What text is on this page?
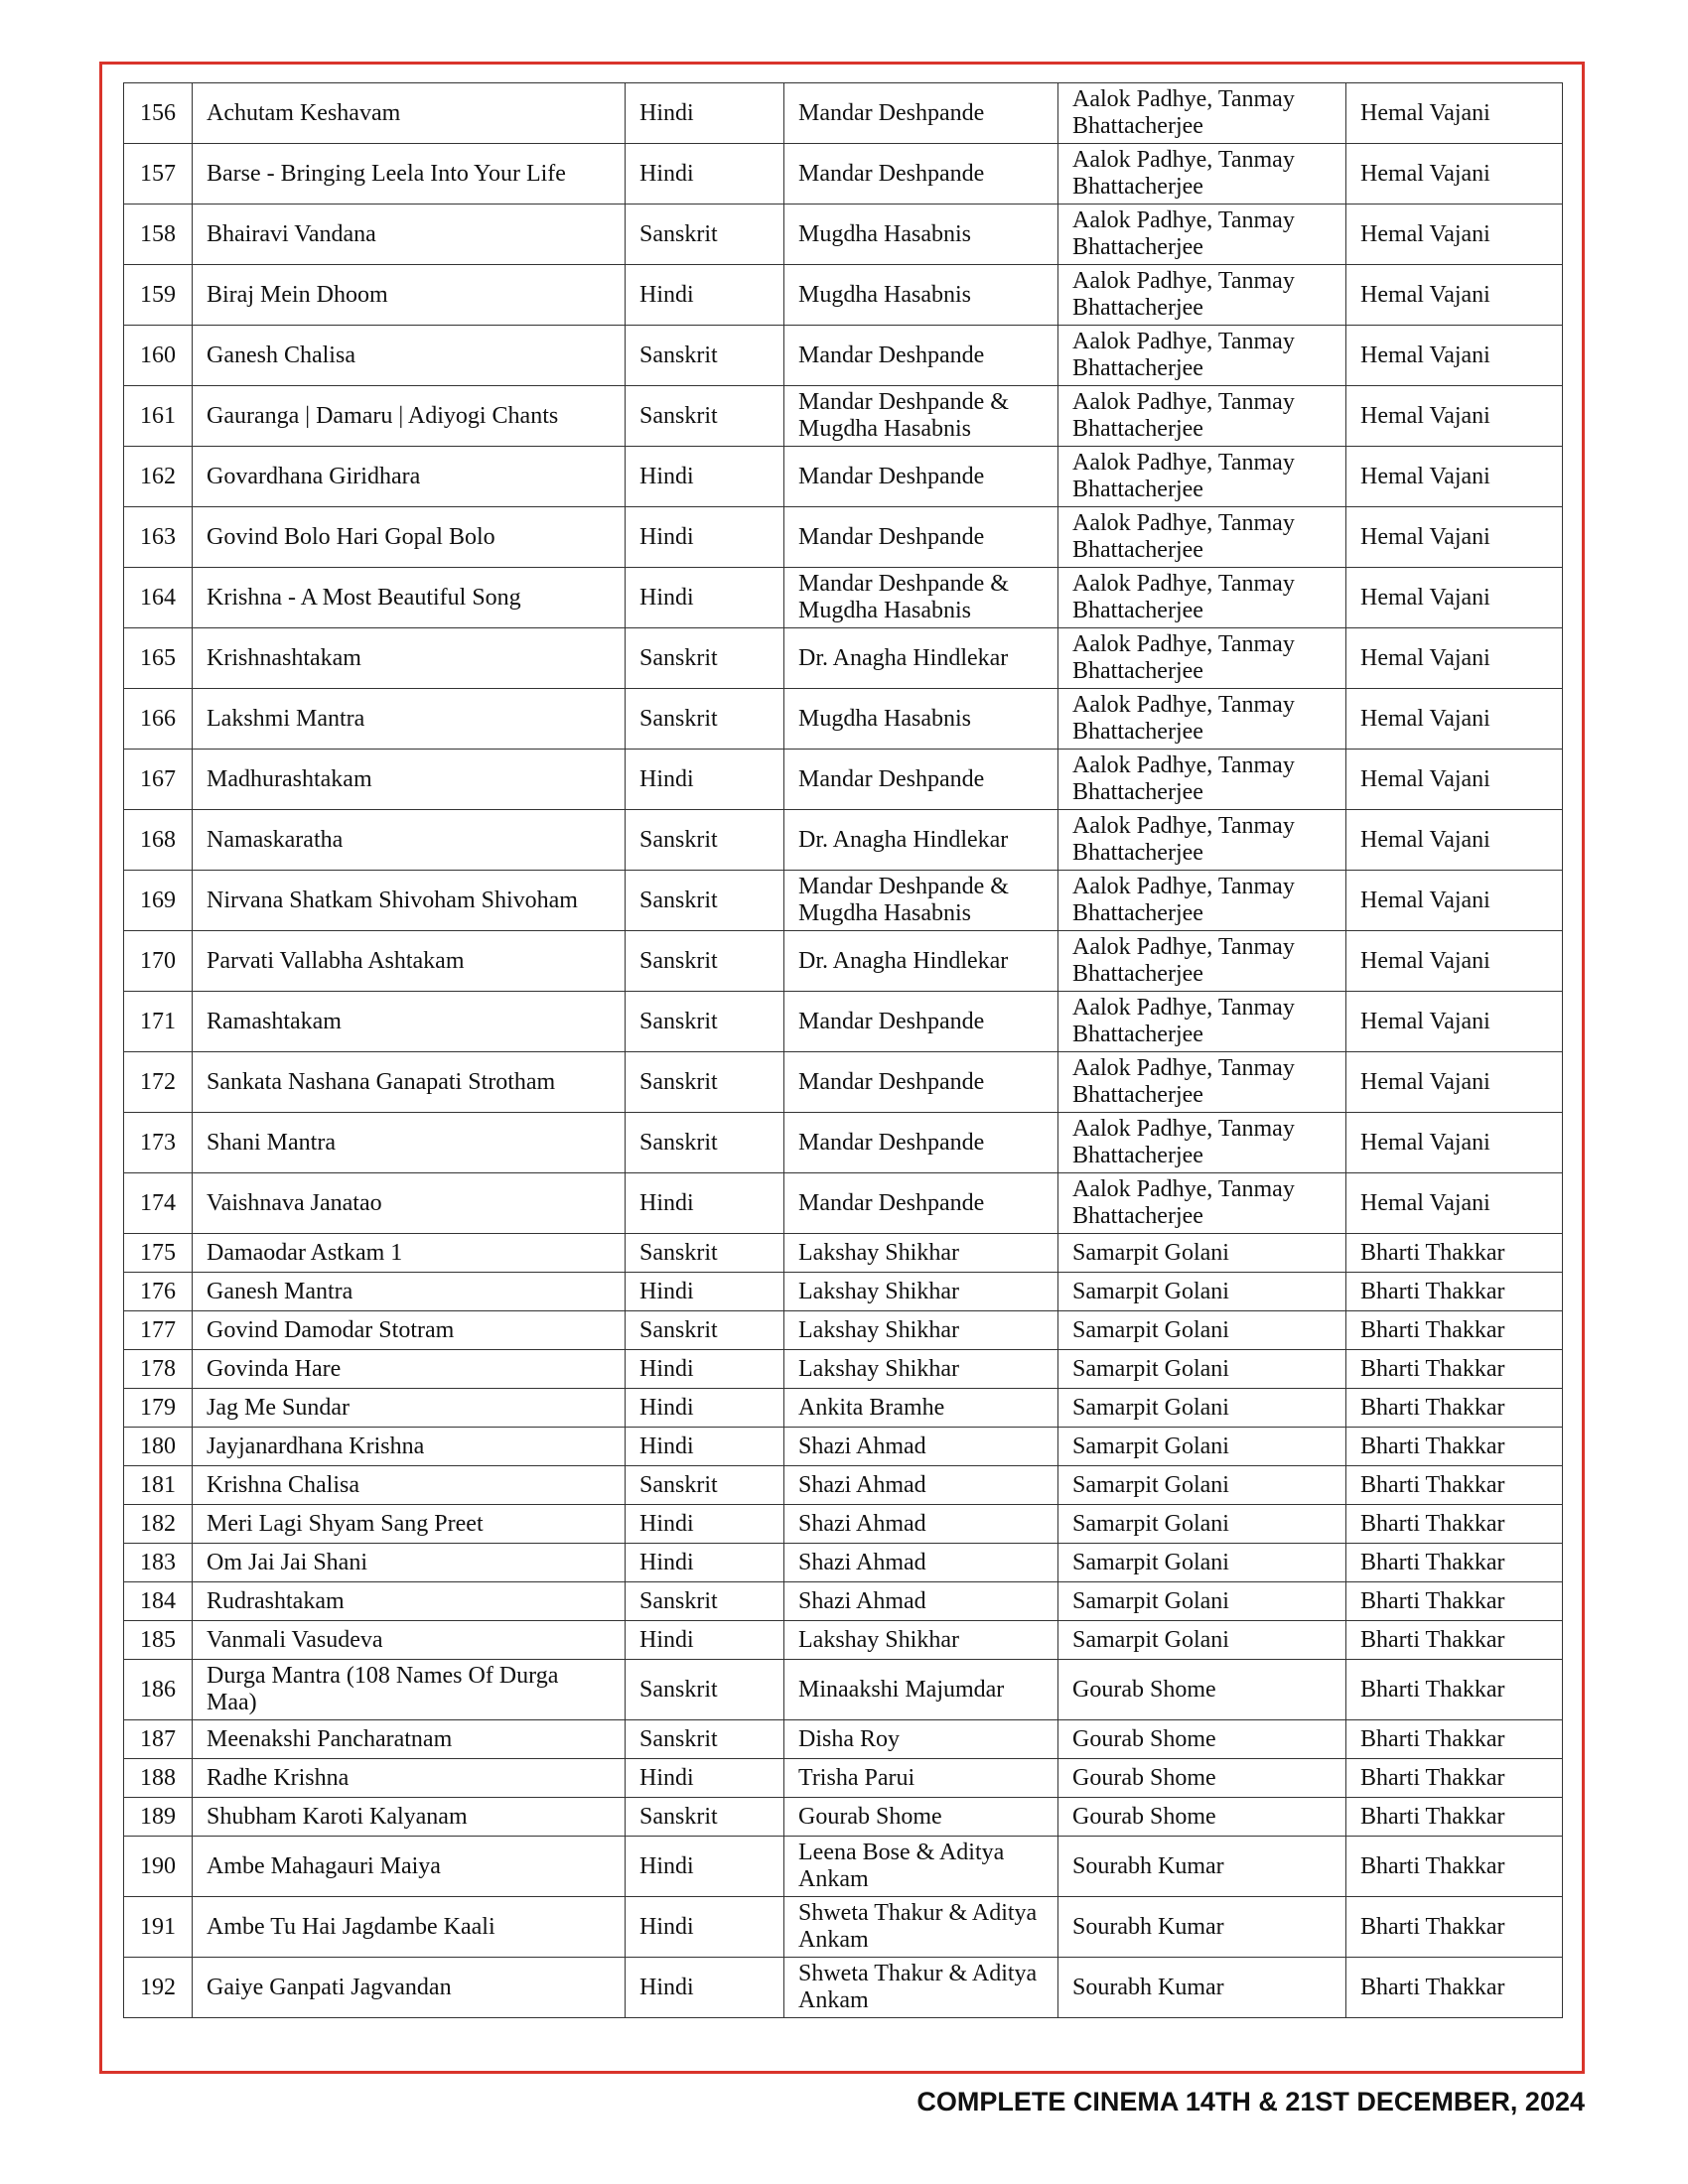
156	Achutam Keshavam	Hindi	Mandar Deshpande	Aalok Padhye, Tanmay Bhattacherjee	Hemal Vajani
157	Barse - Bringing Leela Into Your Life	Hindi	Mandar Deshpande	Aalok Padhye, Tanmay Bhattacherjee	Hemal Vajani
158	Bhairavi Vandana	Sanskrit	Mugdha Hasabnis	Aalok Padhye, Tanmay Bhattacherjee	Hemal Vajani
159	Biraj Mein Dhoom	Hindi	Mugdha Hasabnis	Aalok Padhye, Tanmay Bhattacherjee	Hemal Vajani
160	Ganesh Chalisa	Sanskrit	Mandar Deshpande	Aalok Padhye, Tanmay Bhattacherjee	Hemal Vajani
161	Gauranga | Damaru | Adiyogi Chants	Sanskrit	Mandar Deshpande & Mugdha Hasabnis	Aalok Padhye, Tanmay Bhattacherjee	Hemal Vajani
162	Govardhana Giridhara	Hindi	Mandar Deshpande	Aalok Padhye, Tanmay Bhattacherjee	Hemal Vajani
163	Govind Bolo Hari Gopal Bolo	Hindi	Mandar Deshpande	Aalok Padhye, Tanmay Bhattacherjee	Hemal Vajani
164	Krishna - A Most Beautiful Song	Hindi	Mandar Deshpande & Mugdha Hasabnis	Aalok Padhye, Tanmay Bhattacherjee	Hemal Vajani
165	Krishnashtakam	Sanskrit	Dr. Anagha Hindlekar	Aalok Padhye, Tanmay Bhattacherjee	Hemal Vajani
166	Lakshmi Mantra	Sanskrit	Mugdha Hasabnis	Aalok Padhye, Tanmay Bhattacherjee	Hemal Vajani
167	Madhurashtakam	Hindi	Mandar Deshpande	Aalok Padhye, Tanmay Bhattacherjee	Hemal Vajani
168	Namaskaratha	Sanskrit	Dr. Anagha Hindlekar	Aalok Padhye, Tanmay Bhattacherjee	Hemal Vajani
169	Nirvana Shatkam Shivoham Shivoham	Sanskrit	Mandar Deshpande & Mugdha Hasabnis	Aalok Padhye, Tanmay Bhattacherjee	Hemal Vajani
170	Parvati Vallabha Ashtakam	Sanskrit	Dr. Anagha Hindlekar	Aalok Padhye, Tanmay Bhattacherjee	Hemal Vajani
171	Ramashtakam	Sanskrit	Mandar Deshpande	Aalok Padhye, Tanmay Bhattacherjee	Hemal Vajani
172	Sankata Nashana Ganapati Strotham	Sanskrit	Mandar Deshpande	Aalok Padhye, Tanmay Bhattacherjee	Hemal Vajani
173	Shani Mantra	Sanskrit	Mandar Deshpande	Aalok Padhye, Tanmay Bhattacherjee	Hemal Vajani
174	Vaishnava Janatao	Hindi	Mandar Deshpande	Aalok Padhye, Tanmay Bhattacherjee	Hemal Vajani
175	Damaodar Astkam 1	Sanskrit	Lakshay Shikhar	Samarpit Golani	Bharti Thakkar
176	Ganesh Mantra	Hindi	Lakshay Shikhar	Samarpit Golani	Bharti Thakkar
177	Govind Damodar Stotram	Sanskrit	Lakshay Shikhar	Samarpit Golani	Bharti Thakkar
178	Govinda Hare	Hindi	Lakshay Shikhar	Samarpit Golani	Bharti Thakkar
179	Jag Me Sundar	Hindi	Ankita Bramhe	Samarpit Golani	Bharti Thakkar
180	Jayjanardhana Krishna	Hindi	Shazi Ahmad	Samarpit Golani	Bharti Thakkar
181	Krishna Chalisa	Sanskrit	Shazi Ahmad	Samarpit Golani	Bharti Thakkar
182	Meri Lagi Shyam Sang Preet	Hindi	Shazi Ahmad	Samarpit Golani	Bharti Thakkar
183	Om Jai Jai Shani	Hindi	Shazi Ahmad	Samarpit Golani	Bharti Thakkar
184	Rudrashtakam	Sanskrit	Shazi Ahmad	Samarpit Golani	Bharti Thakkar
185	Vanmali Vasudeva	Hindi	Lakshay Shikhar	Samarpit Golani	Bharti Thakkar
186	Durga Mantra (108 Names Of Durga Maa)	Sanskrit	Minaakshi Majumdar	Gourab Shome	Bharti Thakkar
187	Meenakshi Pancharatnam	Sanskrit	Disha Roy	Gourab Shome	Bharti Thakkar
188	Radhe Krishna	Hindi	Trisha Parui	Gourab Shome	Bharti Thakkar
189	Shubham Karoti Kalyanam	Sanskrit	Gourab Shome	Gourab Shome	Bharti Thakkar
190	Ambe Mahagauri Maiya	Hindi	Leena Bose & Aditya Ankam	Sourabh Kumar	Bharti Thakkar
191	Ambe Tu Hai Jagdambe Kaali	Hindi	Shweta Thakur & Aditya Ankam	Sourabh Kumar	Bharti Thakkar
192	Gaiye Ganpati Jagvandan	Hindi	Shweta Thakur & Aditya Ankam	Sourabh Kumar	Bharti Thakkar
COMPLETE CINEMA 14TH & 21ST DECEMBER, 2024
